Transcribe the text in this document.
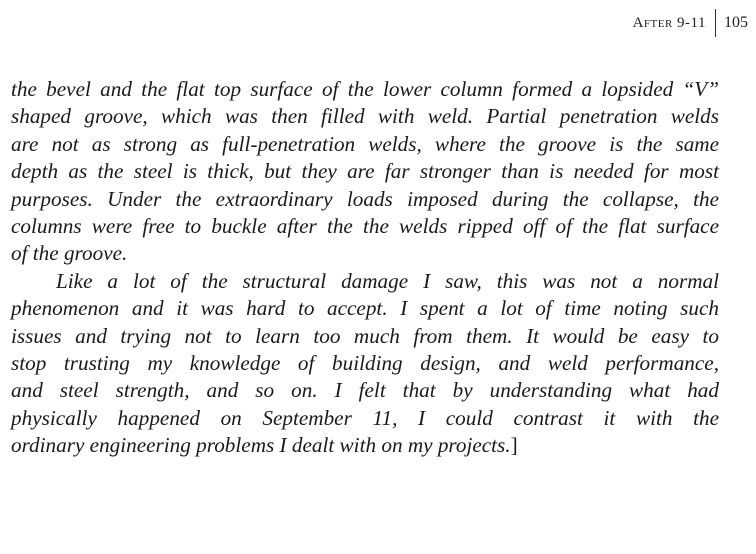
After 9-11	105

the bevel and the flat top surface of the lower column formed a lopsided “V”
shaped groove, which was then filled with weld. Partial penetration welds
are not as strong as full-penetration welds, where the groove is the same
depth as the steel is thick, but they are far stronger than is needed for most
purposes. Under the extraordinary loads imposed during the collapse, the
columns were free to buckle after the the welds ripped off of the flat surface
of the groove.

Like a lot of the structural damage I saw, this was not a normal
phenomenon and it was hard to accept. I spent a lot of time noting such
issues and trying not to learn too much from them. It would be easy to
stop trusting my knowledge of building design, and weld performance,
and steel strength, and so on. I felt that by understanding what had
physically happened on September 11, I could contrast it with the
ordinary engineering problems I dealt with on my projects.]
